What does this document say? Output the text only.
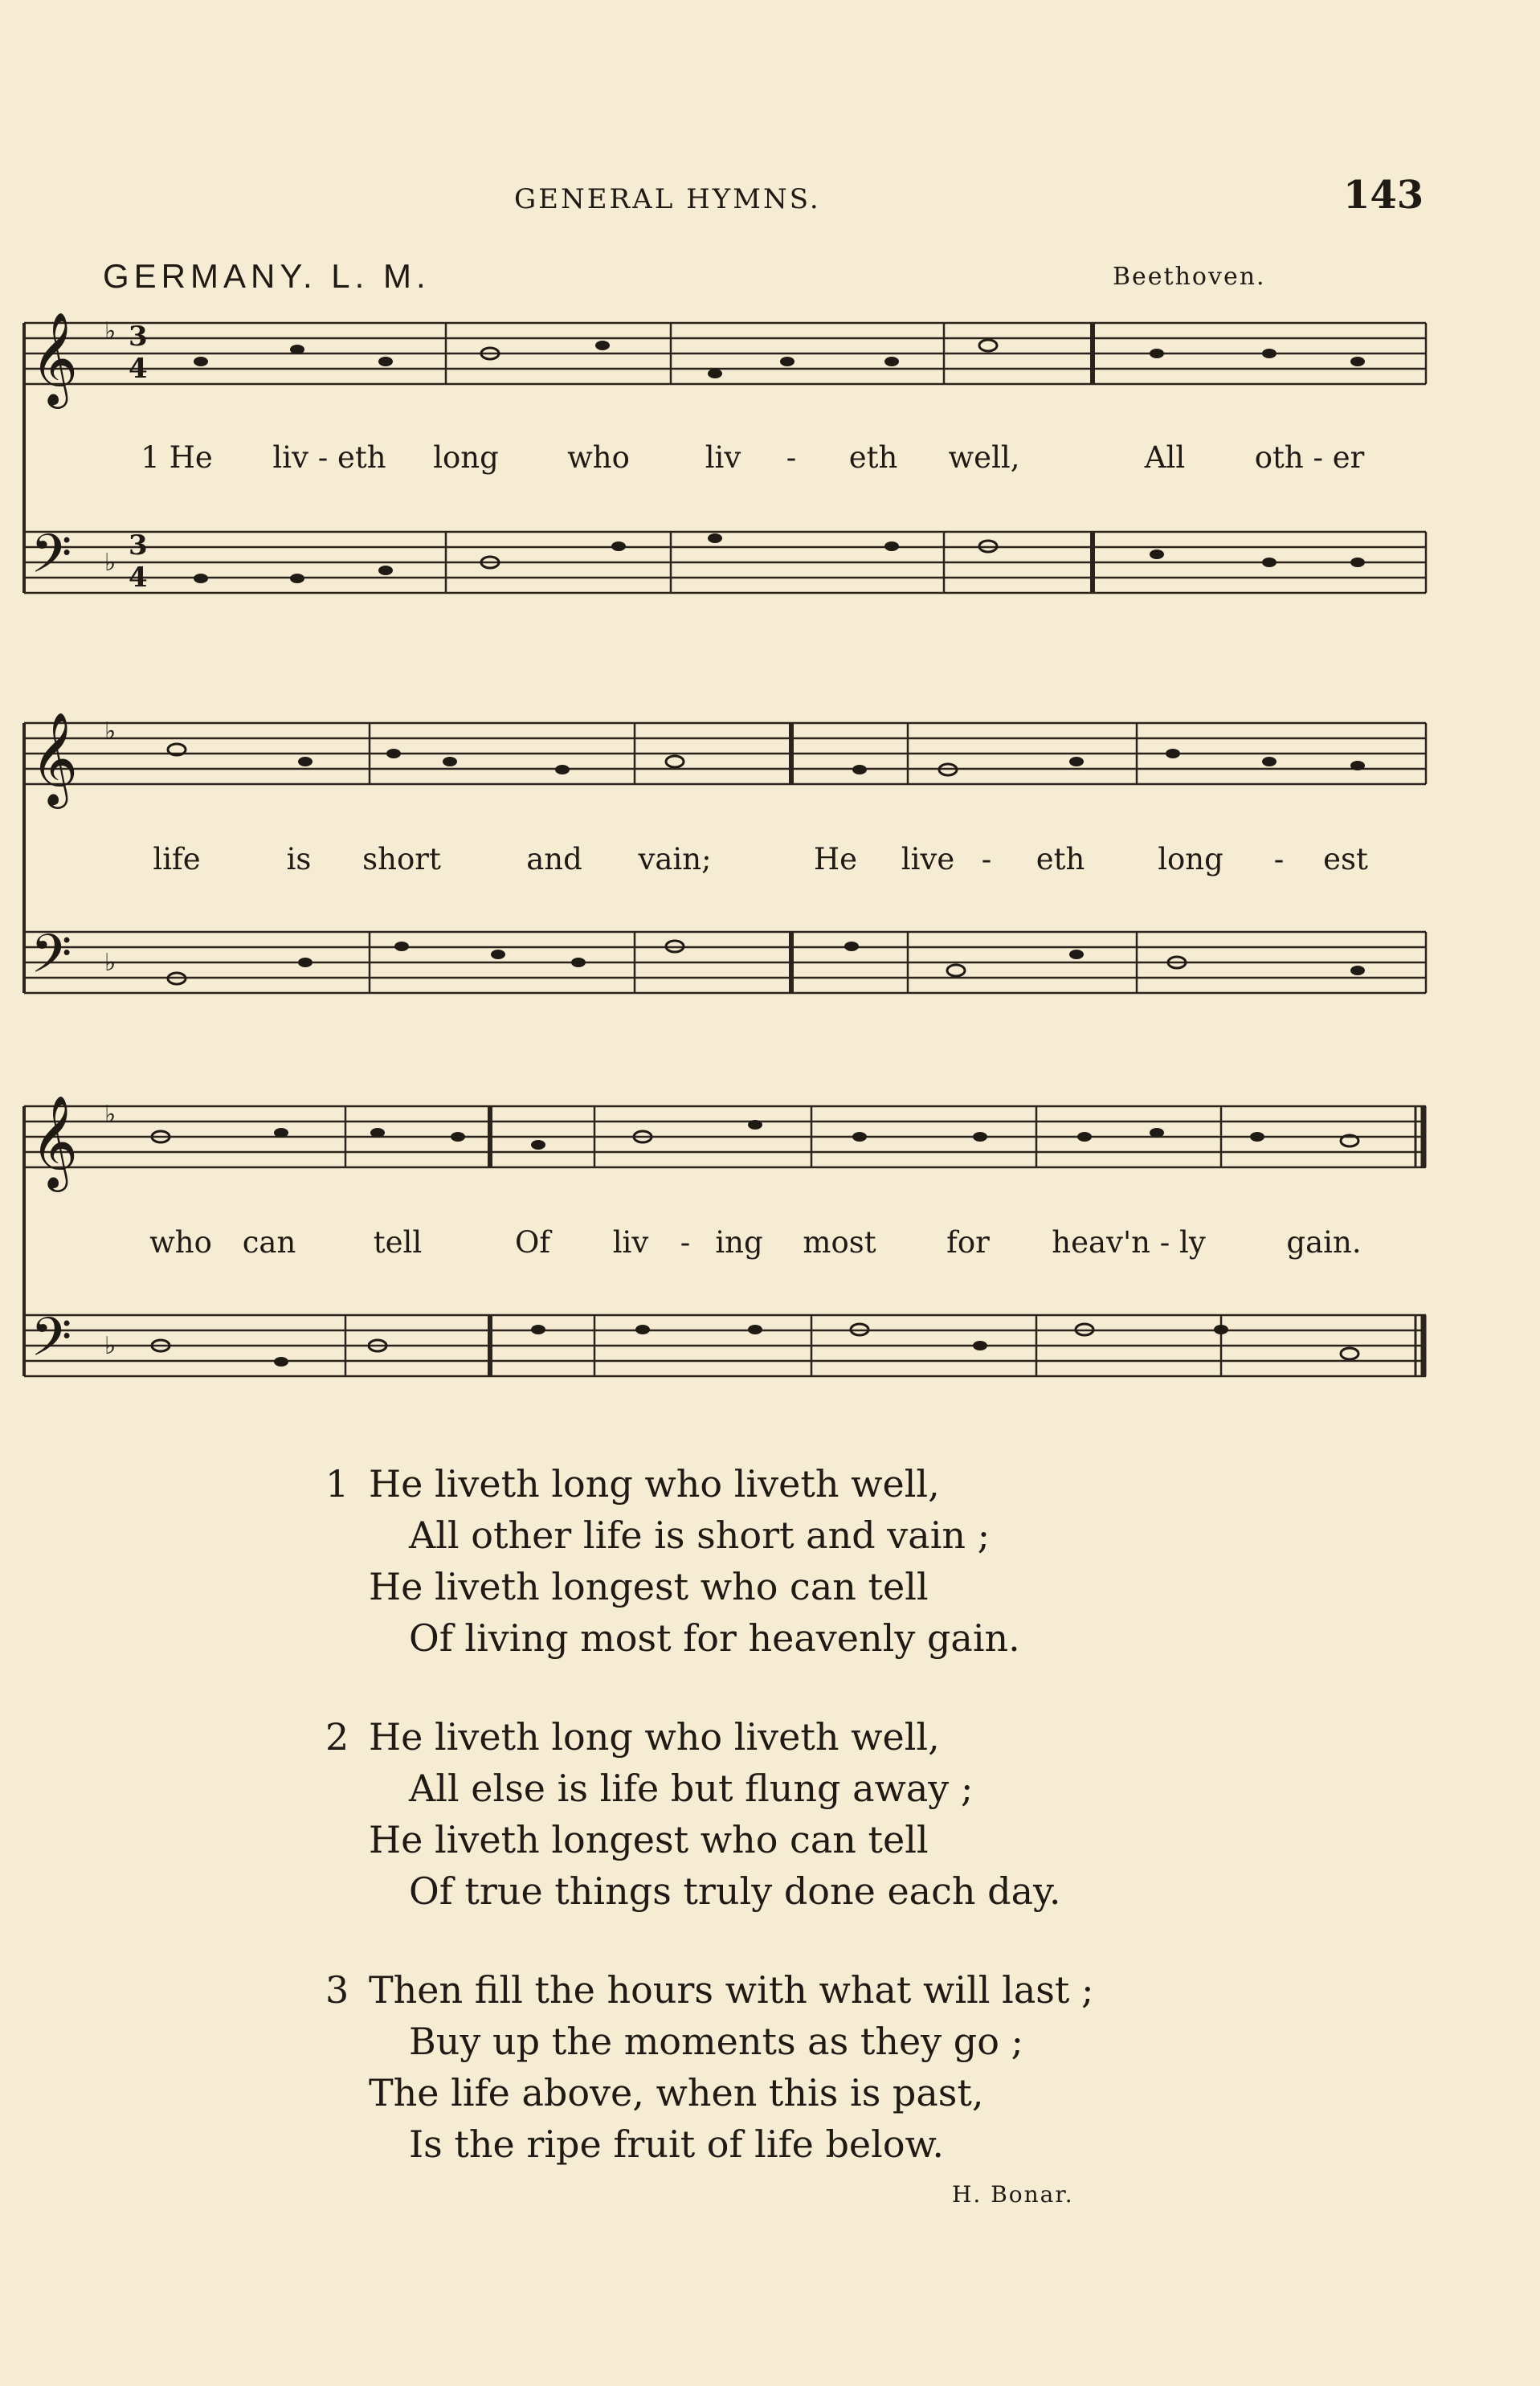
GENERAL HYMNS.	143
GERMANY. L. M.	Beethoven.
𝄞
𝄢
♭ 3
4
♭
3
4
1 He liv - eth long who	liv - eth well,	All oth - er
𝄞
𝄢
♭
♭
life	is short	and vain;	He live - eth long - est
𝄞
𝄢
♭
♭
who can	tell	Of liv - ing most for heav'n - ly	gain.
1 He liveth long who liveth well,
All other life is short and vain ;
He liveth longest who can tell
Of living most for heavenly gain.
2 He liveth long who liveth well,
All else is life but flung away ;
He liveth longest who can tell
Of true things truly done each day.
3 Then fill the hours with what will last ;
Buy up the moments as they go ;
The life above, when this is past,
Is the ripe fruit of life below.
H. Bonar.
